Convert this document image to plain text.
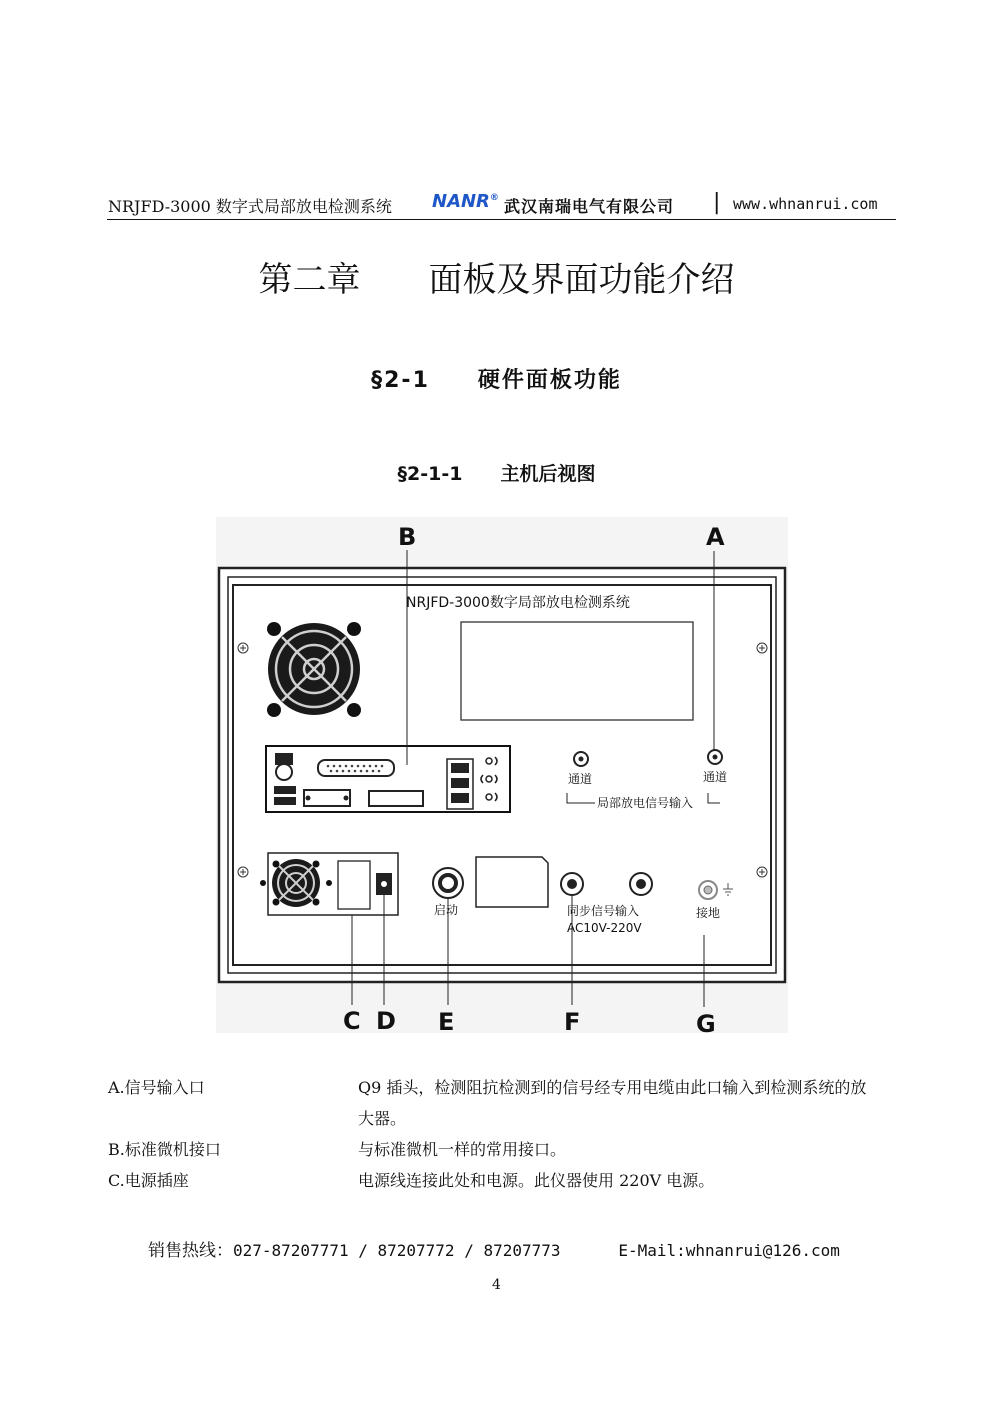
NRJFD-3000 数字式局部放电检测系统 NANR® 武汉南瑞电气有限公司 | www.whnanrui.com
第二章　　面板及界面功能介绍
§2-1　　硬件面板功能
§2-1-1　　主机后视图
NRJFD-3000数字局部放电检测系统
通道	通道
局部放电信号输入
启动	同步信号输入
AC10V-220V
接地
B	A
C D E	F	G
A.信号输入口	Q9 插头，检测阻抗检测到的信号经专用电缆由此口输入到检测系统的放大器。
B.标准微机接口	与标准微机一样的常用接口。
C.电源插座	电源线连接此处和电源。此仪器使用 220V 电源。
销售热线：027-87207771 / 87207772 / 87207773	E-Mail:whnanrui@126.com
4
